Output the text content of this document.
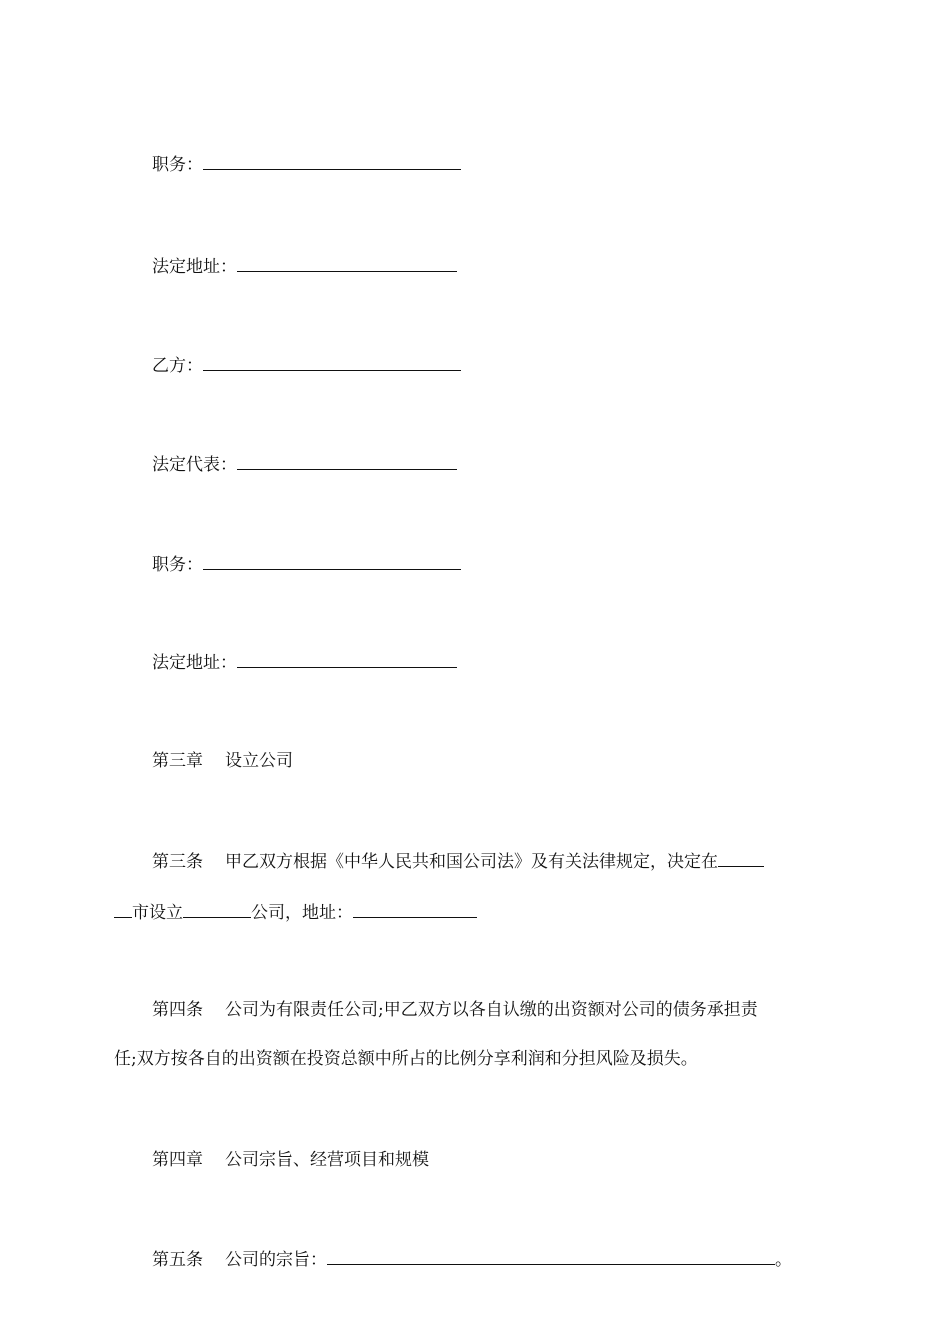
职务：
法定地址：
乙方：
法定代表：
职务：
法定地址：
第三章 设立公司
第三条 甲乙双方根据《中华人民共和国公司法》及有关法律规定，决定在
市设立	公司，地址：
第四条 公司为有限责任公司;甲乙双方以各自认缴的出资额对公司的债务承担责
任;双方按各自的出资额在投资总额中所占的比例分享利润和分担风险及损失。
第四章 公司宗旨、经营项目和规模
第五条 公司的宗旨：	。
